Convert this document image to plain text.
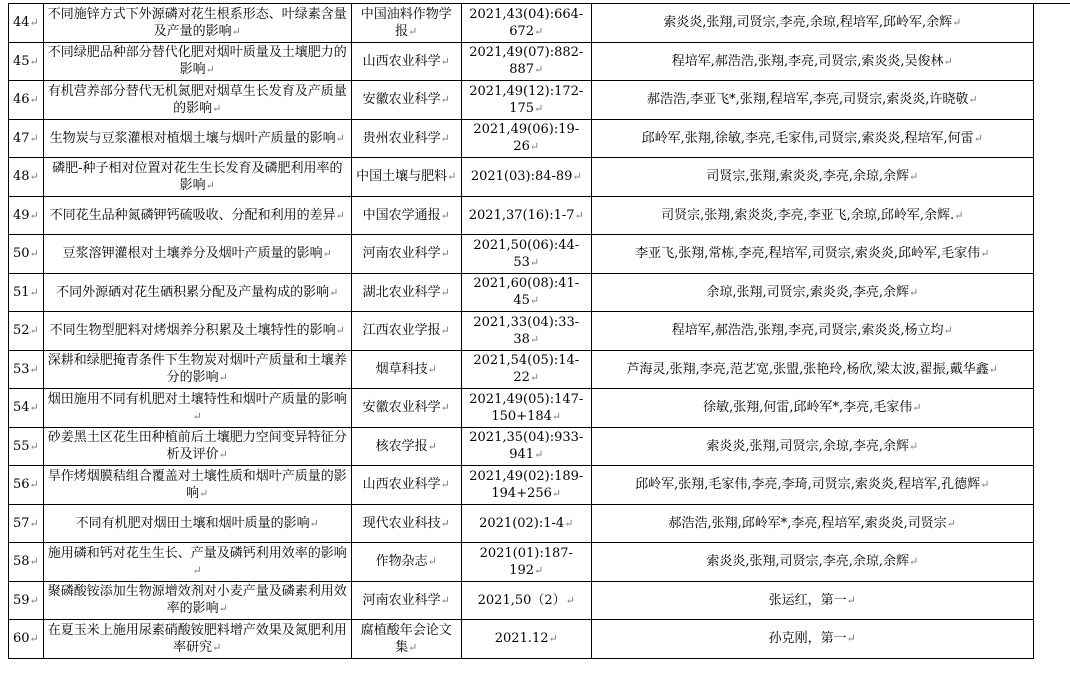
44↵	不同施锌方式下外源磷对花生根系形态、叶绿素含量及产量的影响↵	中国油料作物学报↵	2021,43(04):664-672↵	索炎炎,张翔,司贤宗,李亮,余琼,程培军,邱岭军,余辉↵
45↵	不同绿肥品种部分替代化肥对烟叶质量及土壤肥力的影响↵	山西农业科学↵	2021,49(07):882-887↵	程培军,郝浩浩,张翔,李亮,司贤宗,索炎炎,吴俊林↵
46↵	有机营养部分替代无机氮肥对烟草生长发育及产质量的影响↵	安徽农业科学↵	2021,49(12):172-175↵	郝浩浩,李亚飞*,张翔,程培军,李亮,司贤宗,索炎炎,许晓敬↵
47↵	生物炭与豆浆灌根对植烟土壤与烟叶产质量的影响↵	贵州农业科学↵	2021,49(06):19-26↵	邱岭军,张翔,徐敏,李亮,毛家伟,司贤宗,索炎炎,程培军,何雷↵
48↵	磷肥-种子相对位置对花生生长发育及磷肥利用率的影响↵	中国土壤与肥料↵	2021(03):84-89↵	司贤宗,张翔,索炎炎,李亮,余琼,余辉↵
49↵	不同花生品种氮磷钾钙硫吸收、分配和利用的差异↵	中国农学通报↵	2021,37(16):1-7↵	司贤宗,张翔,索炎炎,李亮,李亚飞,余琼,邱岭军,余辉.↵
50↵	豆浆溶钾灌根对土壤养分及烟叶产质量的影响↵	河南农业科学↵	2021,50(06):44-53↵	李亚飞,张翔,常栋,李亮,程培军,司贤宗,索炎炎,邱岭军,毛家伟↵
51↵	不同外源硒对花生硒积累分配及产量构成的影响↵	湖北农业科学↵	2021,60(08):41-45↵	余琼,张翔,司贤宗,索炎炎,李亮,余辉↵
52↵	不同生物型肥料对烤烟养分积累及土壤特性的影响↵	江西农业学报↵	2021,33(04):33-38↵	程培军,郝浩浩,张翔,李亮,司贤宗,索炎炎,杨立均↵
53↵	深耕和绿肥掩青条件下生物炭对烟叶产质量和土壤养分的影响↵	烟草科技↵	2021,54(05):14-22↵	芦海灵,张翔,李亮,范艺宽,张盟,张艳玲,杨欣,梁太波,翟振,戴华鑫↵
54↵	烟田施用不同有机肥对土壤特性和烟叶产质量的影响↵	安徽农业科学↵	2021,49(05):147-150+184↵	徐敏,张翔,何雷,邱岭军*,李亮,毛家伟↵
55↵	砂姜黑土区花生田种植前后土壤肥力空间变异特征分析及评价↵	核农学报↵	2021,35(04):933-941↵	索炎炎,张翔,司贤宗,余琼,李亮,余辉↵
56↵	旱作烤烟膜秸组合覆盖对土壤性质和烟叶产质量的影响↵	山西农业科学↵	2021,49(02):189-194+256↵	邱岭军,张翔,毛家伟,李亮,李琦,司贤宗,索炎炎,程培军,孔德辉↵
57↵	不同有机肥对烟田土壤和烟叶质量的影响↵	现代农业科技↵	2021(02):1-4↵	郝浩浩,张翔,邱岭军*,李亮,程培军,索炎炎,司贤宗↵
58↵	施用磷和钙对花生生长、产量及磷钙利用效率的影响↵	作物杂志↵	2021(01):187-192↵	索炎炎,张翔,司贤宗,李亮,余琼,余辉↵
59↵	聚磷酸铵添加生物源增效剂对小麦产量及磷素利用效率的影响↵	河南农业科学↵	2021,50（2）↵	张运红，第一↵
60↵	在夏玉米上施用尿素硝酸铵肥料增产效果及氮肥利用率研究↵	腐植酸年会论文集↵	2021.12↵	孙克刚，第一↵
